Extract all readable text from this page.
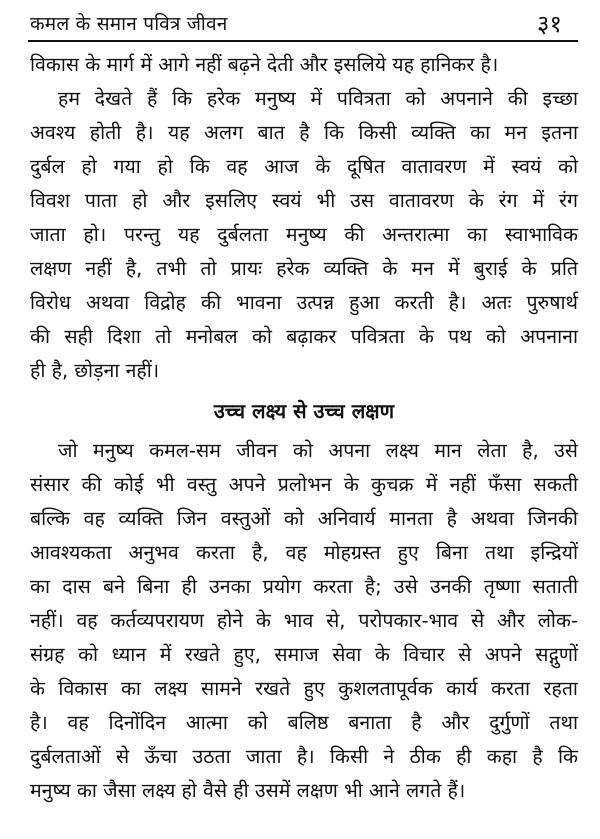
कमल के समान पवित्र जीवन	३१
विकास के मार्ग में आगे नहीं बढ़ने देती और इसलिये यह हानिकर है।
हम देखते हैं कि हरेक मनुष्य में पवित्रता को अपनाने की इच्छा
अवश्य होती है। यह अलग बात है कि किसी व्यक्ति का मन इतना
दुर्बल हो गया हो कि वह आज के दूषित वातावरण में स्वयं को
विवश पाता हो और इसलिए स्वयं भी उस वातावरण के रंग में रंग
जाता हो। परन्तु यह दुर्बलता मनुष्य की अन्तरात्मा का स्वाभाविक
लक्षण नहीं है, तभी तो प्रायः हरेक व्यक्ति के मन में बुराई के प्रति
विरोध अथवा विद्रोह की भावना उत्पन्न हुआ करती है। अतः पुरुषार्थ
की सही दिशा तो मनोबल को बढ़ाकर पवित्रता के पथ को अपनाना
ही है, छोड़ना नहीं।
उच्च लक्ष्य से उच्च लक्षण
जो मनुष्य कमल-सम जीवन को अपना लक्ष्य मान लेता है, उसे
संसार की कोई भी वस्तु अपने प्रलोभन के कुचक्र में नहीं फँसा सकती
बल्कि वह व्यक्ति जिन वस्तुओं को अनिवार्य मानता है अथवा जिनकी
आवश्यकता अनुभव करता है, वह मोहग्रस्त हुए बिना तथा इन्द्रियों
का दास बने बिना ही उनका प्रयोग करता है; उसे उनकी तृष्णा सताती
नहीं। वह कर्तव्यपरायण होने के भाव से, परोपकार-भाव से और लोक-
संग्रह को ध्यान में रखते हुए, समाज सेवा के विचार से अपने सद्गुणों
के विकास का लक्ष्य सामने रखते हुए कुशलतापूर्वक कार्य करता रहता
है। वह दिनोंदिन आत्मा को बलिष्ठ बनाता है और दुर्गुणों तथा
दुर्बलताओं से ऊँचा उठता जाता है। किसी ने ठीक ही कहा है कि
मनुष्य का जैसा लक्ष्य हो वैसे ही उसमें लक्षण भी आने लगते हैं।
